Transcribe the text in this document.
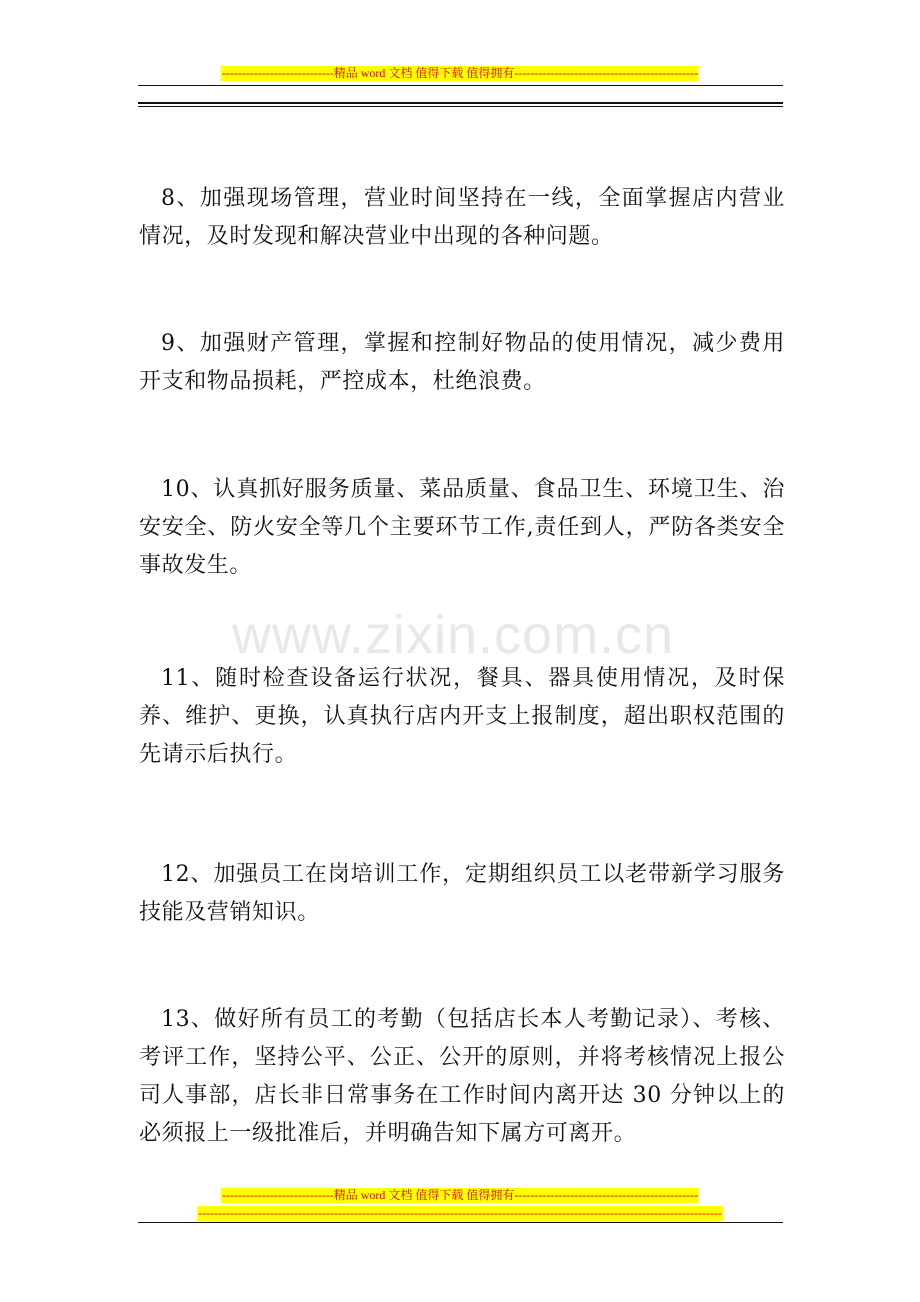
----------------------------精品 word 文档 值得下载 值得拥有----------------------------------------------
www.zixin.com.cn

8、加强现场管理，营业时间坚持在一线，全面掌握店内营业情况，及时发现和解决营业中出现的各种问题。

9、加强财产管理，掌握和控制好物品的使用情况，减少费用开支和物品损耗，严控成本，杜绝浪费。

10、认真抓好服务质量、菜品质量、食品卫生、环境卫生、治安安全、防火安全等几个主要环节工作,责任到人，严防各类安全事故发生。

11、随时检查设备运行状况，餐具、器具使用情况，及时保养、维护、更换，认真执行店内开支上报制度，超出职权范围的先请示后执行。

12、加强员工在岗培训工作，定期组织员工以老带新学习服务技能及营销知识。

13、做好所有员工的考勤（包括店长本人考勤记录）、考核、考评工作，坚持公平、公正、公开的原则，并将考核情况上报公司人事部，店长非日常事务在工作时间内离开达 30 分钟以上的必须报上一级批准后，并明确告知下属方可离开。

----------------------------精品 word 文档 值得下载 值得拥有----------------------------------------------
-----------------------------------------------------------------------------------------------------------------------------------
